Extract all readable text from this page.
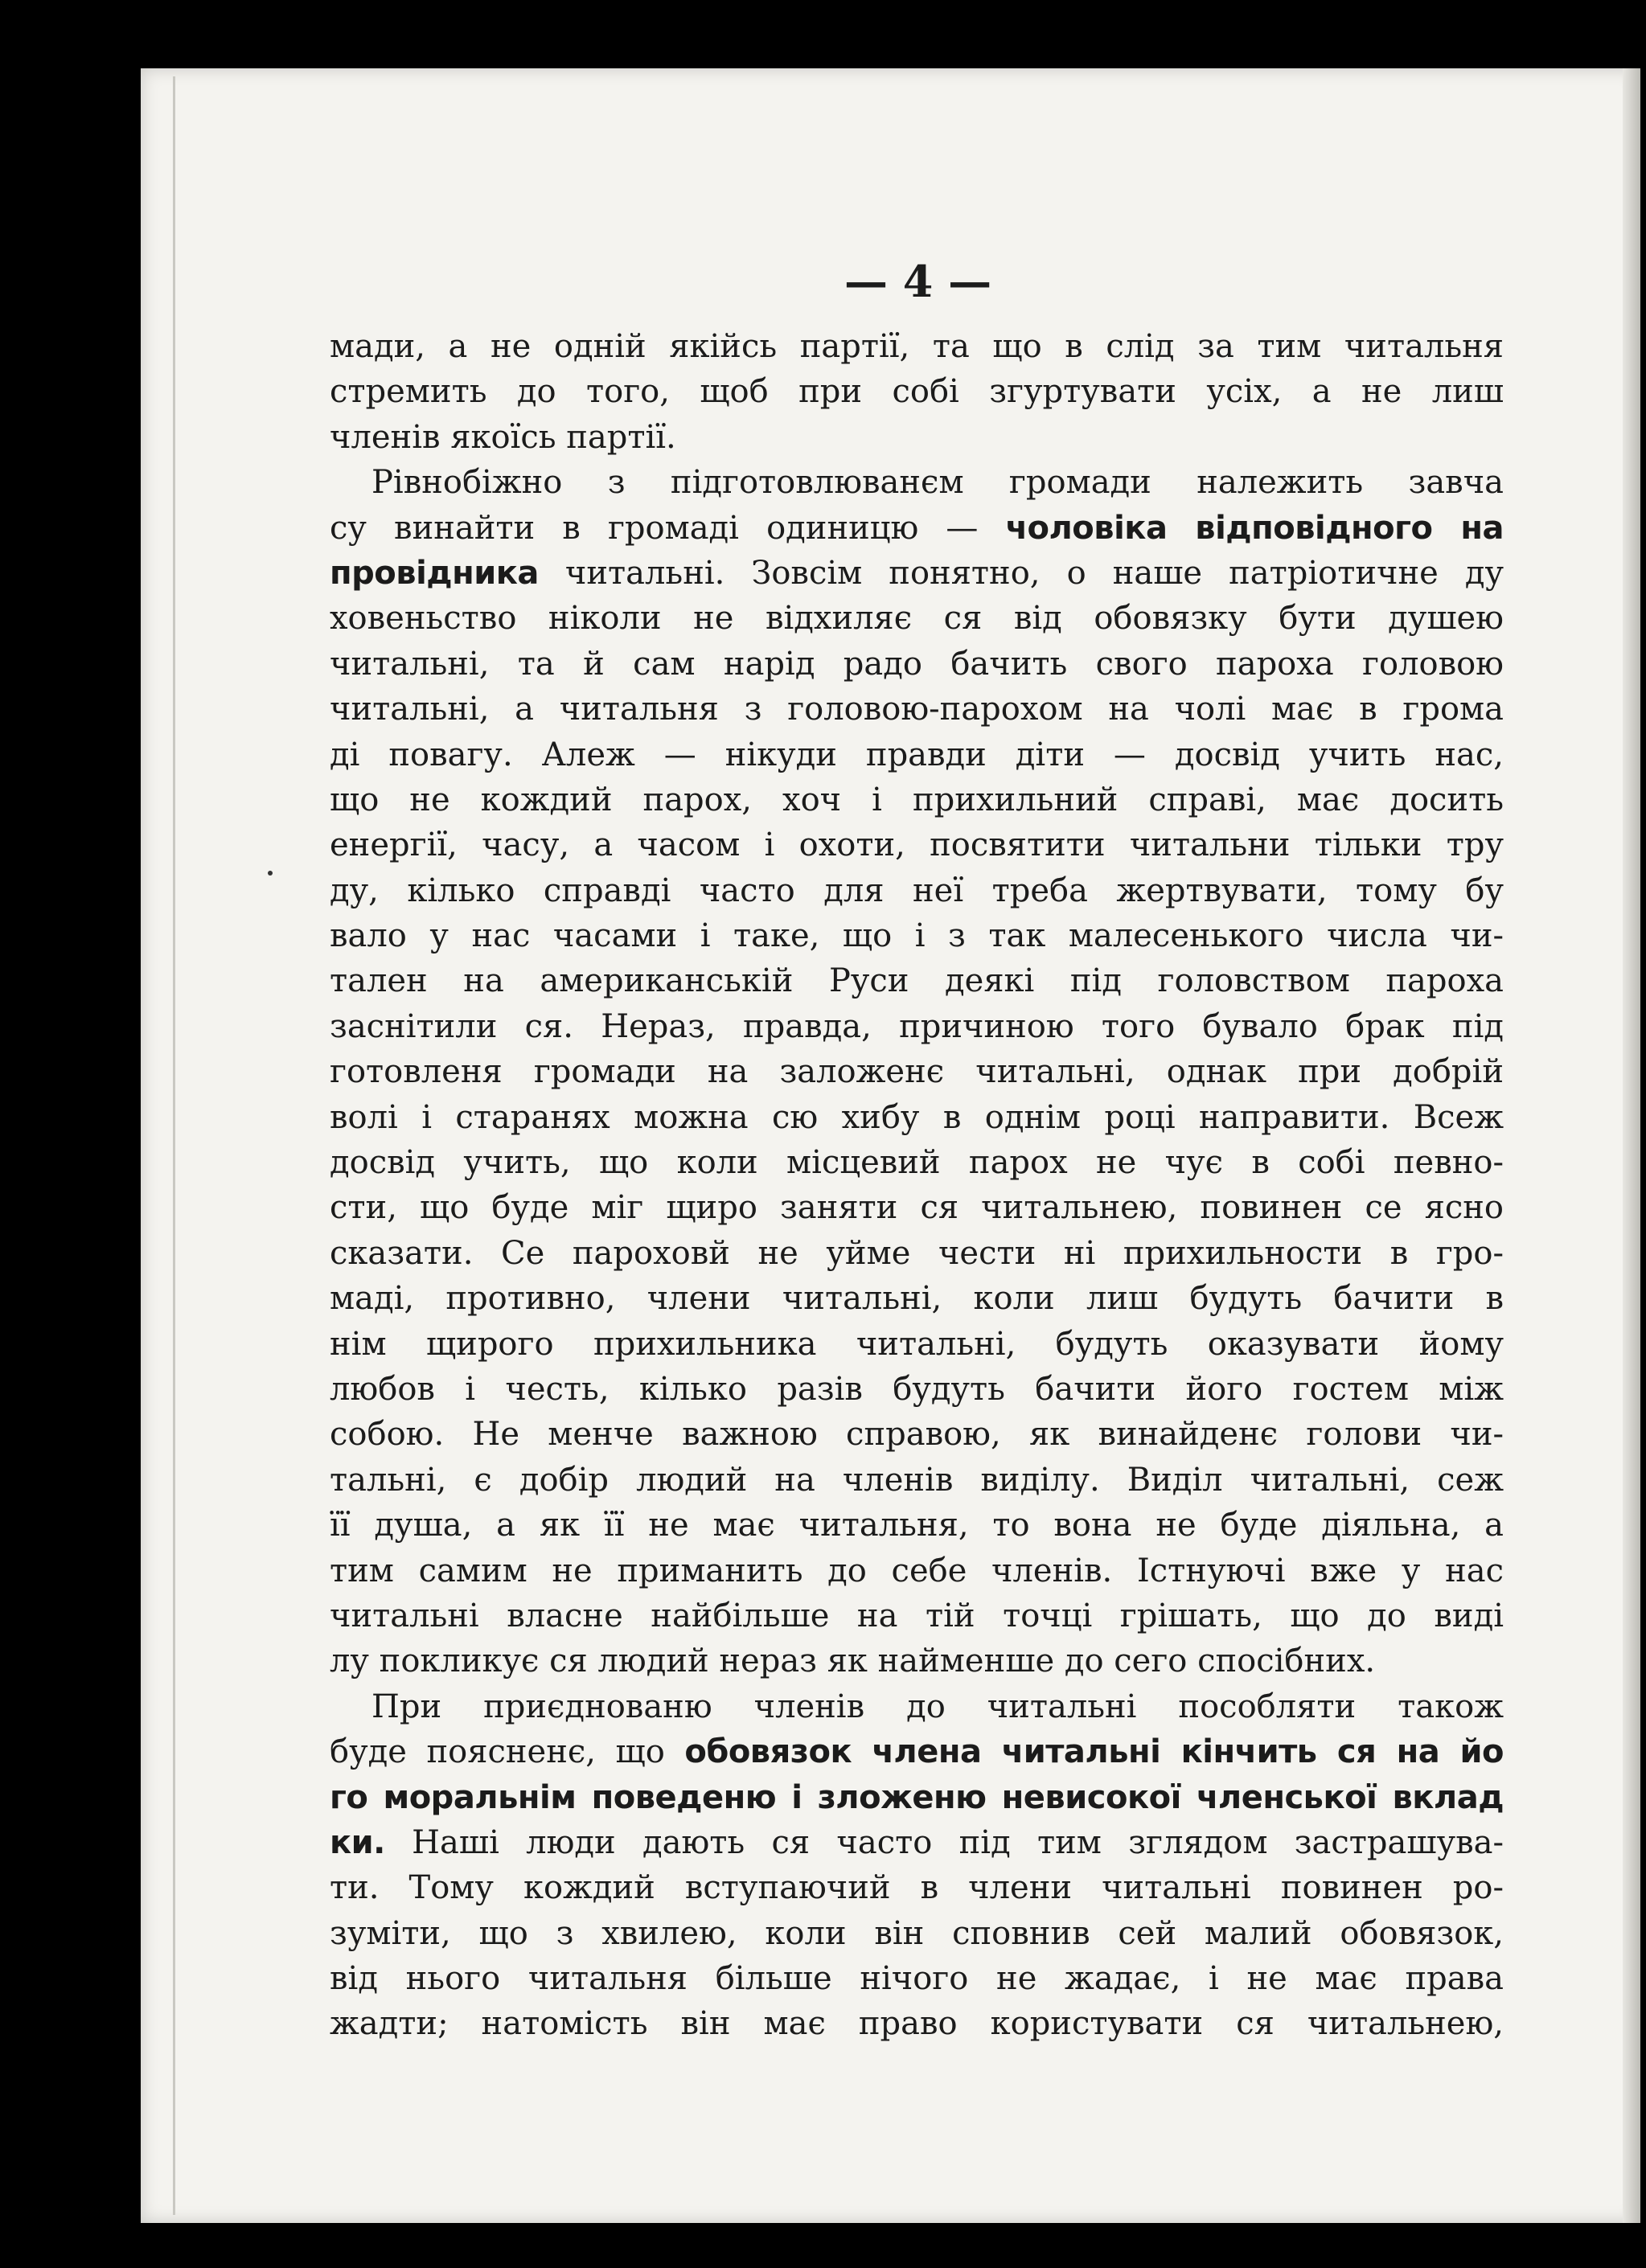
— 4 —
мади, а не одній якійсь партії, та що в слід за тим читальня
стремить до того, щоб при собі згуртувати усіх, а не лиш
членів якоїсь партії.
Рівнобіжно з підготовлюванєм громади належить завча
су винайти в громаді одиницю — чоловіка відповідного на
провідника читальні. Зовсім понятно, о наше патріотичне ду
ховеньство ніколи не відхиляє ся від обовязку бути душею
читальні, та й сам нарід радо бачить свого пароха головою
читальні, а читальня з головою-парохом на чолі має в грома
ді повагу. Алеж — нікуди правди діти — досвід учить нас,
що не кождий парох, хоч і прихильний справі, має досить
енергії, часу, а часом і охоти, посвятити читальни тільки тру
ду, кілько справді часто для неї треба жертвувати, тому бу
вало у нас часами і таке, що і з так малесенького числа чи-
тален на американській Руси деякі під головством пароха
заснітили ся. Нераз, правда, причиною того бувало брак під
готовленя громади на заложенє читальні, однак при добрій
волі і старанях можна сю хибу в однім році направити. Всеж
досвід учить, що коли місцевий парох не чує в собі певно-
сти, що буде міг щиро заняти ся читальнею, повинен се ясно
сказати. Се пароховй не уйме чести ні прихильности в гро-
маді, противно, члени читальні, коли лиш будуть бачити в
нім щирого прихильника читальні, будуть оказувати йому
любов і честь, кілько разів будуть бачити його гостем між
собою. Не менче важною справою, як винайденє голови чи-
тальні, є добір людий на членів виділу. Виділ читальні, сеж
її душа, а як її не має читальня, то вона не буде діяльна, а
тим самим не приманить до себе членів. Істнуючі вже у нас
читальні власне найбільше на тій точці грішать, що до виді
лу покликує ся людий нераз як найменше до сего спосібних.
При приєднованю членів до читальні пособляти також
буде поясненє, що обовязок члена читальні кінчить ся на йо
го моральнім поведеню і зложеню невисокої членської вклад
ки. Наші люди дають ся часто під тим зглядом застрашува-
ти. Тому кождий вступаючий в члени читальні повинен ро-
зуміти, що з хвилею, коли він сповнив сей малий обовязок,
від нього читальня більше нічого не жадає, і не має права
жадти; натомість він має право користувати ся читальнею,
